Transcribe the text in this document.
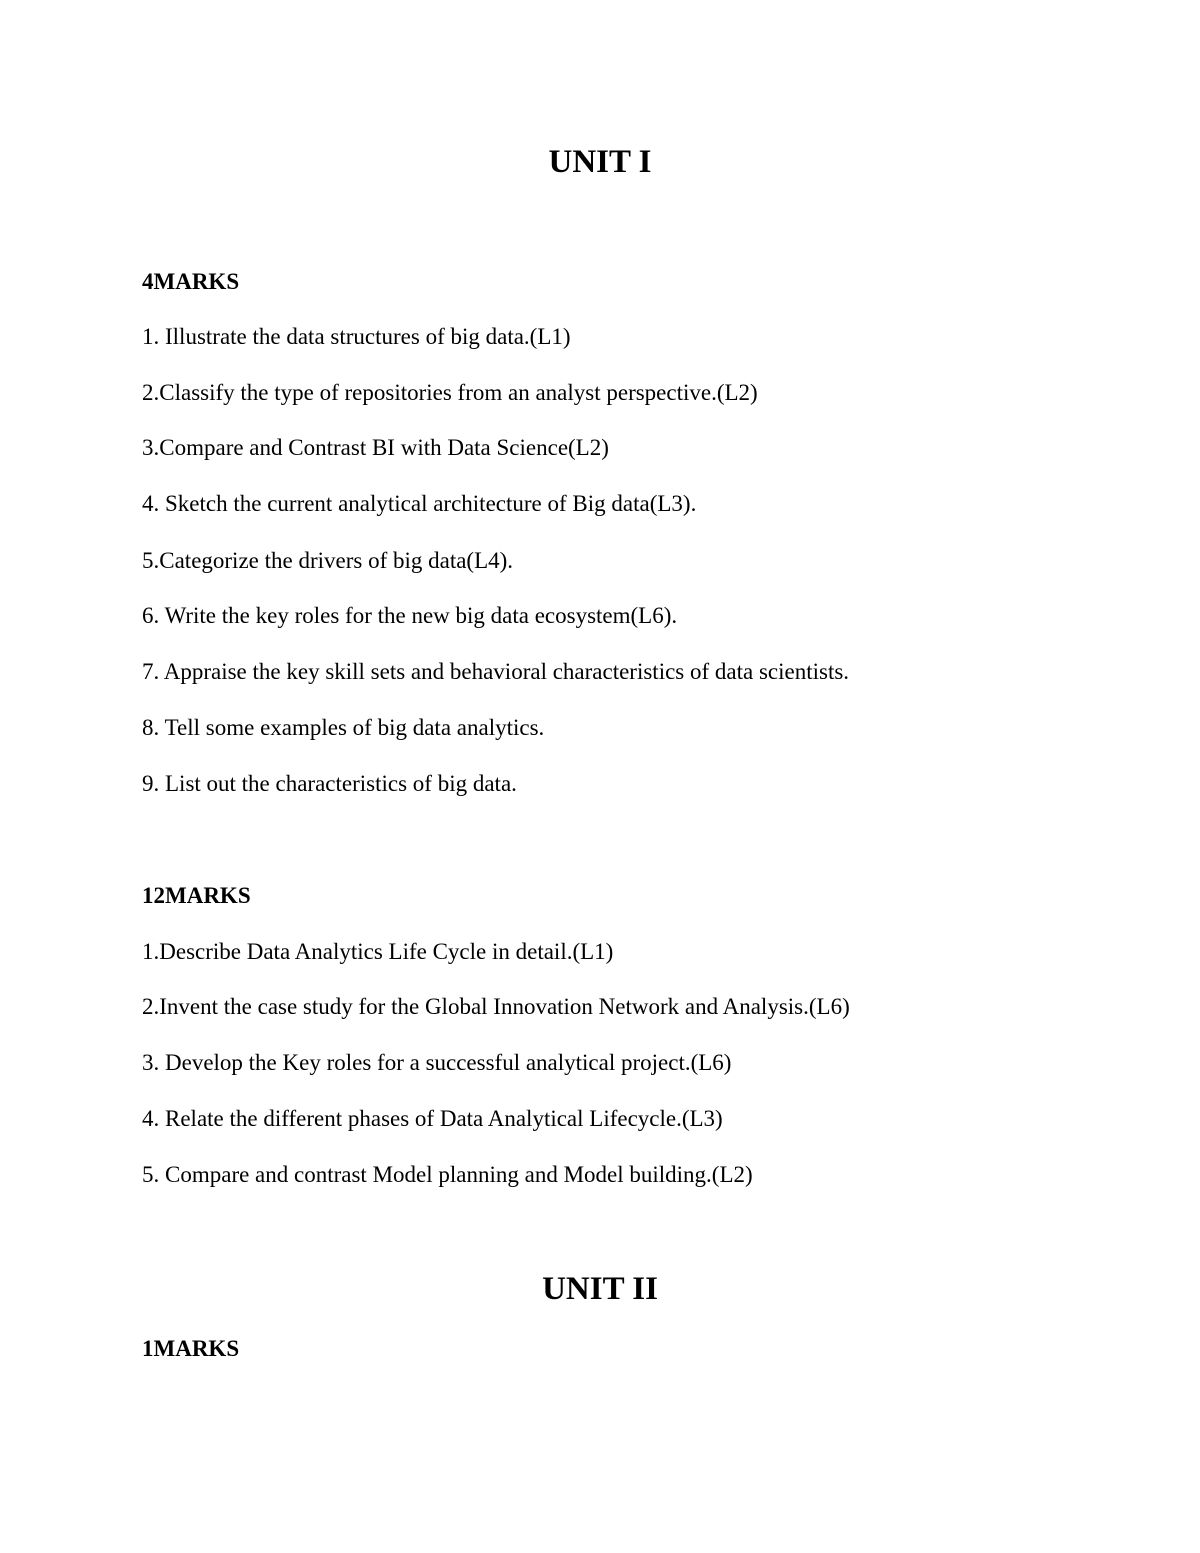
UNIT I
4MARKS

1. Illustrate the data structures of big data.(L1)

2.Classify the type of repositories from an analyst perspective.(L2)

3.Compare and Contrast BI with Data Science(L2)

4. Sketch the current analytical architecture of Big data(L3).

5.Categorize the drivers of big data(L4).

6. Write the key roles for the new big data ecosystem(L6).

7. Appraise the key skill sets and behavioral characteristics of data scientists.

8. Tell some examples of big data analytics.

9. List out the characteristics of big data.

12MARKS

1.Describe Data Analytics Life Cycle in detail.(L1)

2.Invent the case study for the Global Innovation Network and Analysis.(L6)

3. Develop the Key roles for a successful analytical project.(L6)

4. Relate the different phases of Data Analytical Lifecycle.(L3)

5. Compare and contrast Model planning and Model building.(L2)

UNIT II
1MARKS
